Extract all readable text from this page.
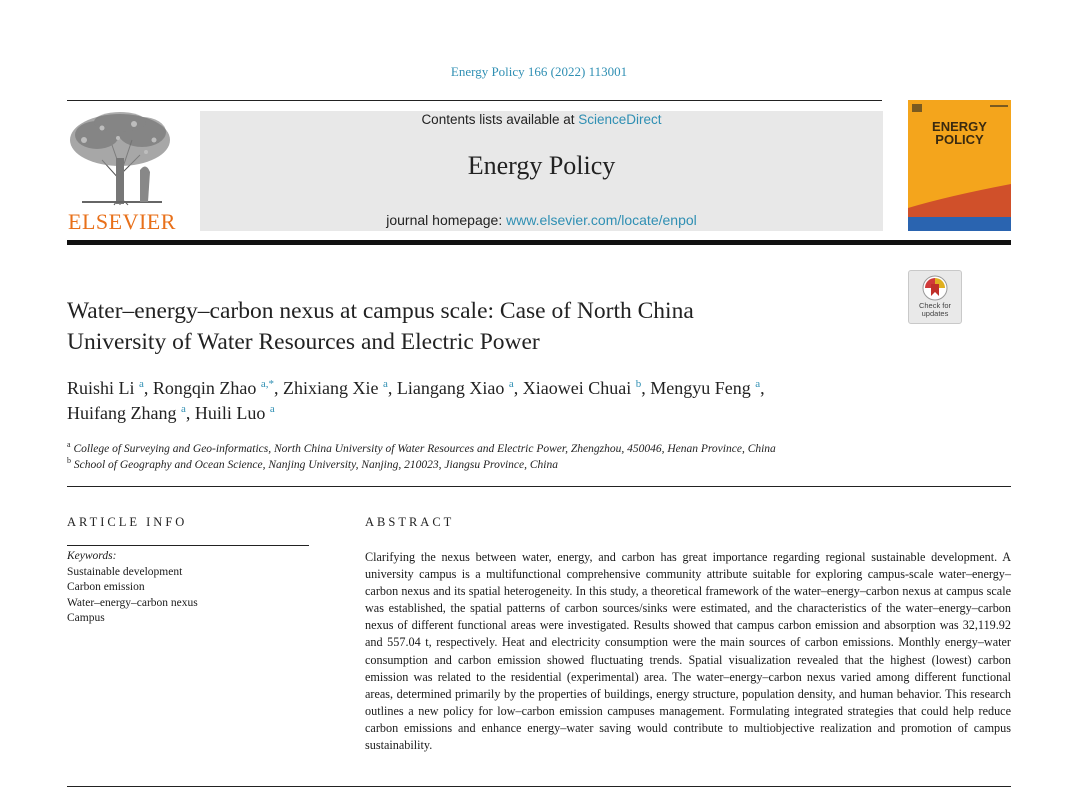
Energy Policy 166 (2022) 113001
ELSEVIER
Contents lists available at ScienceDirect
Energy Policy
journal homepage: www.elsevier.com/locate/enpol
ENERGY
POLICY
Check for
updates
Water–energy–carbon nexus at campus scale: Case of North China
University of Water Resources and Electric Power
Ruishi Li $^a$, Rongqin Zhao $^{a,*}$, Zhixiang Xie $^a$, Liangang Xiao $^a$, Xiaowei Chuai $^b$, Mengyu Feng $^a$,
Huifang Zhang $^a$, Huili Luo $^a$
$^a$ College of Surveying and Geo-informatics, North China University of Water Resources and Electric Power, Zhengzhou, 450046, Henan Province, China
$^b$ School of Geography and Ocean Science, Nanjing University, Nanjing, 210023, Jiangsu Province, China
ARTICLE INFO
Keywords:
Sustainable development
Carbon emission
Water–energy–carbon nexus
Campus
ABSTRACT
Clarifying the nexus between water, energy, and carbon has great importance regarding regional sustainable development. A university campus is a multifunctional comprehensive community attribute suitable for exploring campus-scale water–energy–carbon nexus and its spatial heterogeneity. In this study, a theoretical framework of the water–energy–carbon nexus at campus scale was established, the spatial patterns of carbon sources/sinks were estimated, and the characteristics of the water–energy–carbon nexus of different functional areas were investigated. Results showed that campus carbon emission and absorption was 32,119.92 and 557.04 t, respectively. Heat and electricity consumption were the main sources of carbon emissions. Monthly energy–water consumption and carbon emission showed fluctuating trends. Spatial visualization revealed that the highest (lowest) carbon emission was related to the residential (experimental) area. The water–energy–carbon nexus varied among different functional areas, determined primarily by the properties of buildings, energy structure, population density, and human behavior. This research outlines a new policy for low–carbon emission campuses management. Formulating integrated strategies that could help reduce carbon emissions and enhance energy–water saving would contribute to multiobjective realization and promotion of campus sustainability.
